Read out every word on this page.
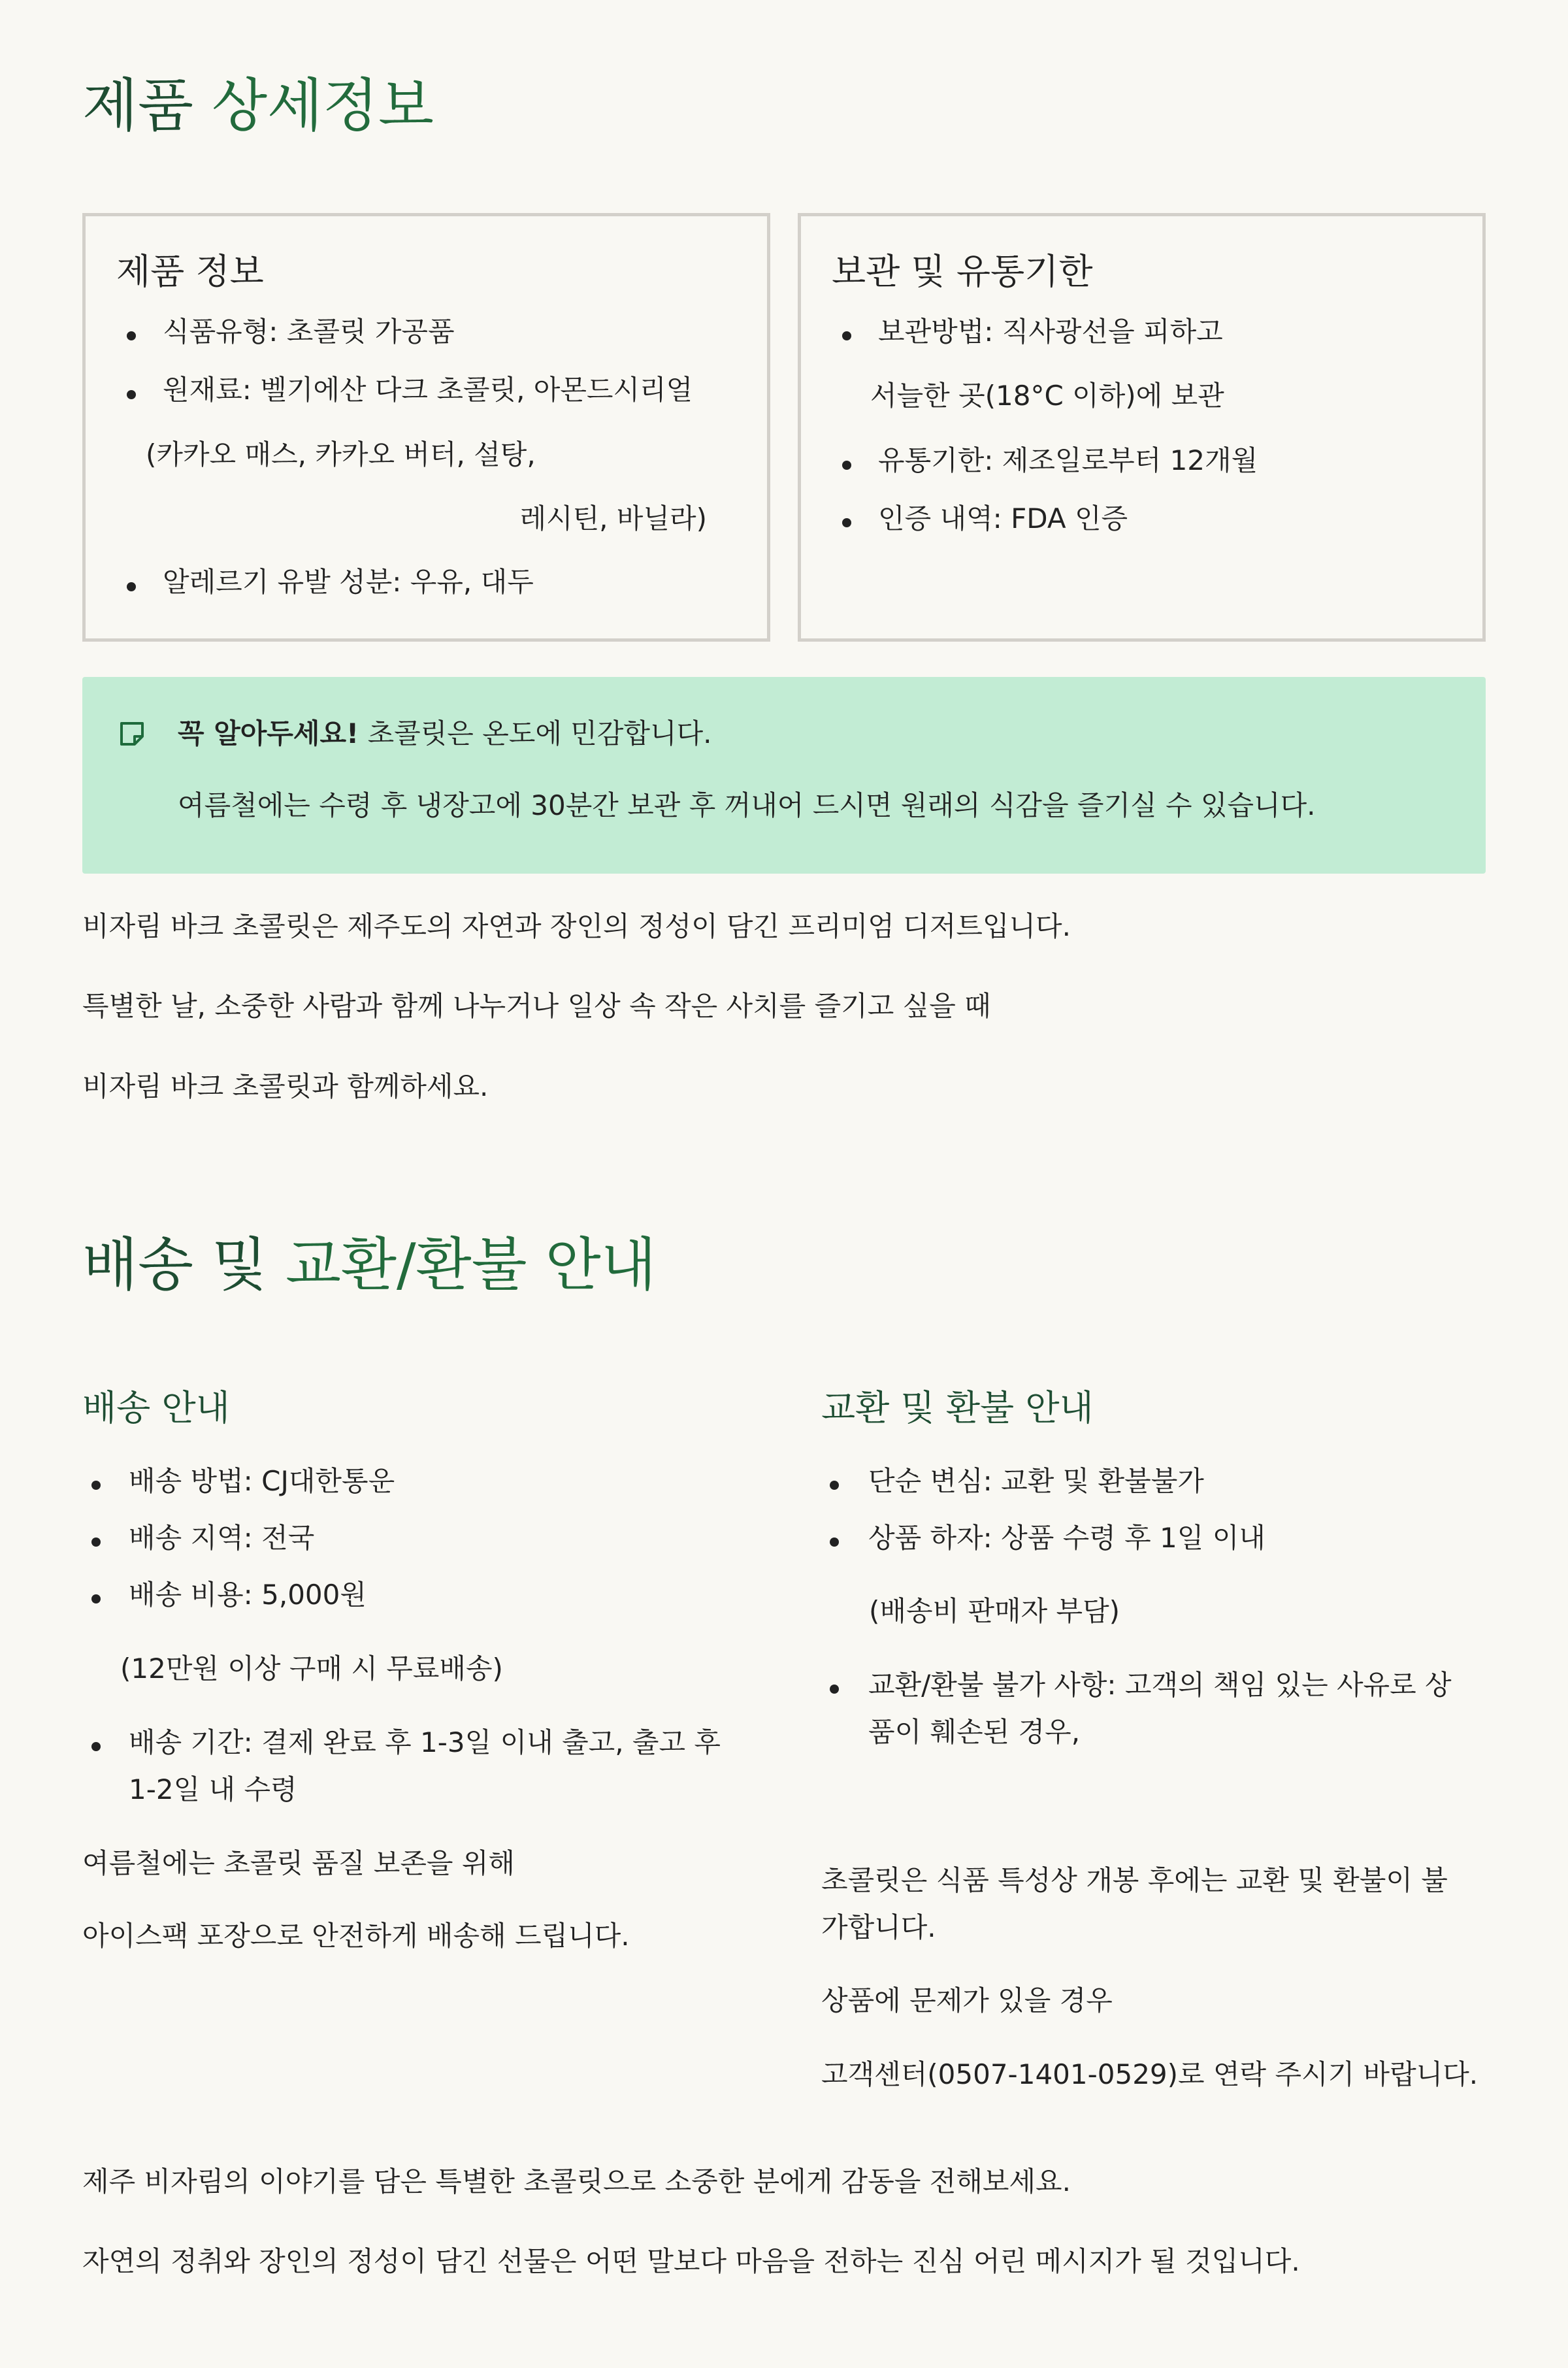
제품 상세정보
제품 정보
식품유형: 초콜릿 가공품
원재료: 벨기에산 다크 초콜릿, 아몬드시리얼
(카카오 매스, 카카오 버터, 설탕,
레시틴, 바닐라)
알레르기 유발 성분: 우유, 대두
보관 및 유통기한
보관방법: 직사광선을 피하고
서늘한 곳(18°C 이하)에 보관
유통기한: 제조일로부터 12개월
인증 내역: FDA 인증
꼭 알아두세요! 초콜릿은 온도에 민감합니다.
여름철에는 수령 후 냉장고에 30분간 보관 후 꺼내어 드시면 원래의 식감을 즐기실 수 있습니다.
비자림 바크 초콜릿은 제주도의 자연과 장인의 정성이 담긴 프리미엄 디저트입니다.
특별한 날, 소중한 사람과 함께 나누거나 일상 속 작은 사치를 즐기고 싶을 때
비자림 바크 초콜릿과 함께하세요.
배송 및 교환/환불 안내
배송 안내
배송 방법: CJ대한통운
배송 지역: 전국
배송 비용: 5,000원
(12만원 이상 구매 시 무료배송)
배송 기간: 결제 완료 후 1-3일 이내 출고, 출고 후
1-2일 내 수령
여름철에는 초콜릿 품질 보존을 위해
아이스팩 포장으로 안전하게 배송해 드립니다.
교환 및 환불 안내
단순 변심: 교환 및 환불불가
상품 하자: 상품 수령 후 1일 이내
(배송비 판매자 부담)
교환/환불 불가 사항: 고객의 책임 있는 사유로 상
품이 훼손된 경우,
초콜릿은 식품 특성상 개봉 후에는 교환 및 환불이 불
가합니다.
상품에 문제가 있을 경우
고객센터(0507-1401-0529)로 연락 주시기 바랍니다.
제주 비자림의 이야기를 담은 특별한 초콜릿으로 소중한 분에게 감동을 전해보세요.
자연의 정취와 장인의 정성이 담긴 선물은 어떤 말보다 마음을 전하는 진심 어린 메시지가 될 것입니다.
